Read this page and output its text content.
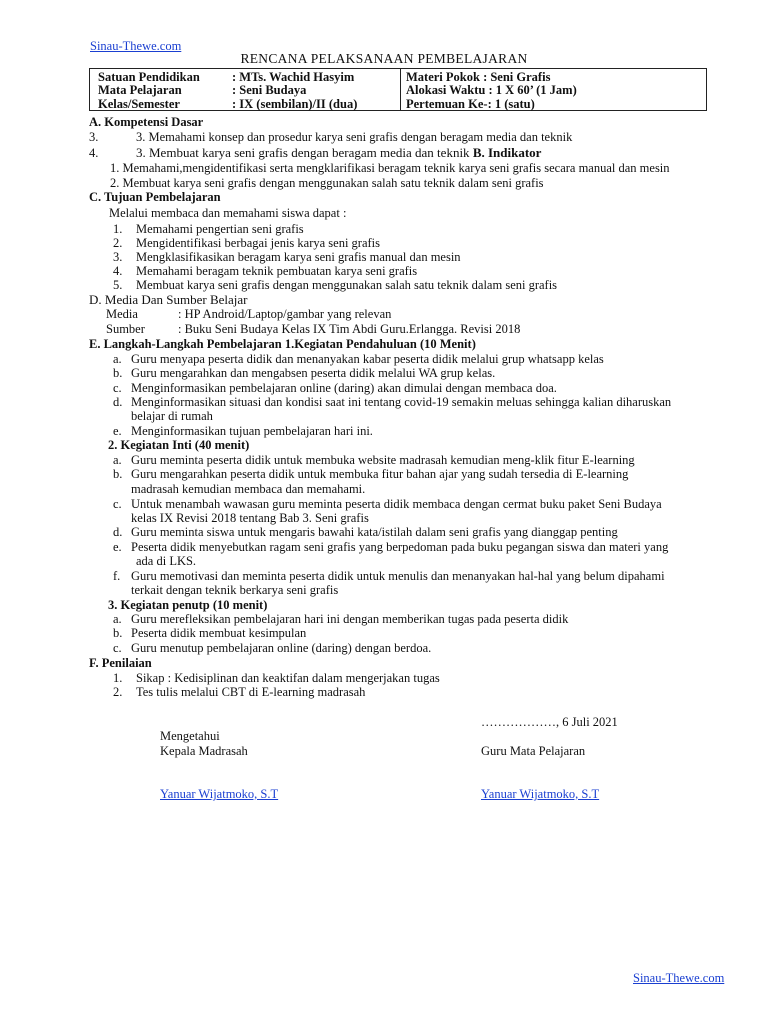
Sinau-Thewe.com
RENCANA PELAKSANAAN PEMBELAJARAN
Satuan Pendidikan	: MTs. Wachid Hasyim
Mata Pelajaran	: Seni Budaya
Kelas/Semester	: IX (sembilan)/II (dua)
Materi Pokok : Seni Grafis
Alokasi Waktu : 1 X 60’ (1 Jam)
Pertemuan Ke-: 1 (satu)
A. Kompetensi Dasar
3.	3. Memahami konsep dan prosedur karya seni grafis dengan beragam media dan teknik
4.	3. Membuat karya seni grafis dengan beragam media dan teknik B. Indikator
1. Memahami,mengidentifikasi serta mengklarifikasi beragam teknik karya seni grafis secara manual dan mesin
2. Membuat karya seni grafis dengan menggunakan salah satu teknik dalam seni grafis
C. Tujuan Pembelajaran
Melalui membaca dan memahami siswa dapat :
1. Memahami pengertian seni grafis
2. Mengidentifikasi berbagai jenis karya seni grafis
3. Mengklasifikasikan beragam karya seni grafis manual dan mesin
4. Memahami beragam teknik pembuatan karya seni grafis
5. Membuat karya seni grafis dengan menggunakan salah satu teknik dalam seni grafis
D. Media Dan Sumber Belajar
Media	: HP Android/Laptop/gambar yang relevan
Sumber	: Buku Seni Budaya Kelas IX Tim Abdi Guru.Erlangga. Revisi 2018
E. Langkah-Langkah Pembelajaran 1.Kegiatan Pendahuluan (10 Menit)
a. Guru menyapa peserta didik dan menanyakan kabar peserta didik melalui grup whatsapp kelas
b. Guru mengarahkan dan mengabsen peserta didik melalui WA grup kelas.
c. Menginformasikan pembelajaran online (daring) akan dimulai dengan membaca doa.
d. Menginformasikan situasi dan kondisi saat ini tentang covid-19 semakin meluas sehingga kalian diharuskan
belajar di rumah
e. Menginformasikan tujuan pembelajaran hari ini.
2. Kegiatan Inti (40 menit)
a. Guru meminta peserta didik untuk membuka website madrasah kemudian meng-klik fitur E-learning
b. Guru mengarahkan peserta didik untuk membuka fitur bahan ajar yang sudah tersedia di E-learning
madrasah kemudian membaca dan memahami.
c. Untuk menambah wawasan guru meminta peserta didik membaca dengan cermat buku paket Seni Budaya
kelas IX Revisi 2018 tentang Bab 3. Seni grafis
d. Guru meminta siswa untuk mengaris bawahi kata/istilah dalam seni grafis yang dianggap penting
e. Peserta didik menyebutkan ragam seni grafis yang berpedoman pada buku pegangan siswa dan materi yang
ada di LKS.
f. Guru memotivasi dan meminta peserta didik untuk menulis dan menanyakan hal-hal yang belum dipahami
terkait dengan teknik berkarya seni grafis
3. Kegiatan penutp (10 menit)
a. Guru merefleksikan pembelajaran hari ini dengan memberikan tugas pada peserta didik
b. Peserta didik membuat kesimpulan
c. Guru menutup pembelajaran online (daring) dengan berdoa.
F. Penilaian
1. Sikap : Kedisiplinan dan keaktifan dalam mengerjakan tugas
2. Tes tulis melalui CBT di E-learning madrasah
………………, 6 Juli 2021
Mengetahui
Kepala Madrasah	Guru Mata Pelajaran
Yanuar Wijatmoko, S.T	Yanuar Wijatmoko, S.T
Sinau-Thewe.com
